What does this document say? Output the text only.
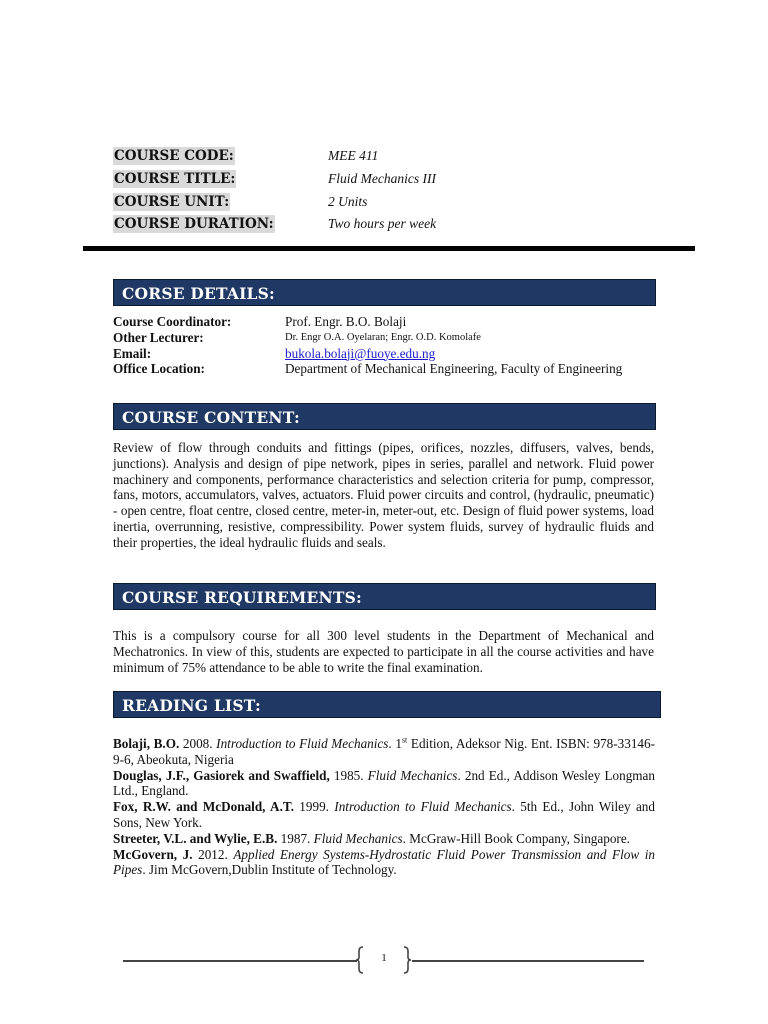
COURSE CODE:	MEE 411
COURSE TITLE:	Fluid Mechanics III
COURSE UNIT:	2 Units
COURSE DURATION:	Two hours per week
CORSE DETAILS:
Course Coordinator:	Prof. Engr. B.O. Bolaji
Other Lecturer:	Dr. Engr O.A. Oyelaran; Engr. O.D. Komolafe
Email:	bukola.bolaji@fuoye.edu.ng
Office Location:	Department of Mechanical Engineering, Faculty of Engineering
COURSE CONTENT:
Review of flow through conduits and fittings (pipes, orifices, nozzles, diffusers, valves, bends, junctions). Analysis and design of pipe network, pipes in series, parallel and network. Fluid power machinery and components, performance characteristics and selection criteria for pump, compressor, fans, motors, accumulators, valves, actuators. Fluid power circuits and control, (hydraulic, pneumatic) - open centre, float centre, closed centre, meter-in, meter-out, etc. Design of fluid power systems, load inertia, overrunning, resistive, compressibility. Power system fluids, survey of hydraulic fluids and their properties, the ideal hydraulic fluids and seals.
COURSE REQUIREMENTS:
This is a compulsory course for all 300 level students in the Department of Mechanical and Mechatronics. In view of this, students are expected to participate in all the course activities and have minimum of 75% attendance to be able to write the final examination.
READING LIST:

Bolaji, B.O. 2008. Introduction to Fluid Mechanics. 1st Edition, Adeksor Nig. Ent. ISBN: 978-33146-9-6, Abeokuta, Nigeria

Douglas, J.F., Gasiorek and Swaffield, 1985. Fluid Mechanics. 2nd Ed., Addison Wesley Longman Ltd., England.

Fox, R.W. and McDonald, A.T. 1999. Introduction to Fluid Mechanics. 5th Ed., John Wiley and Sons, New York.

Streeter, V.L. and Wylie, E.B. 1987. Fluid Mechanics. McGraw-Hill Book Company, Singapore.

McGovern, J. 2012. Applied Energy Systems-Hydrostatic Fluid Power Transmission and Flow in Pipes. Jim McGovern,Dublin Institute of Technology.

1
